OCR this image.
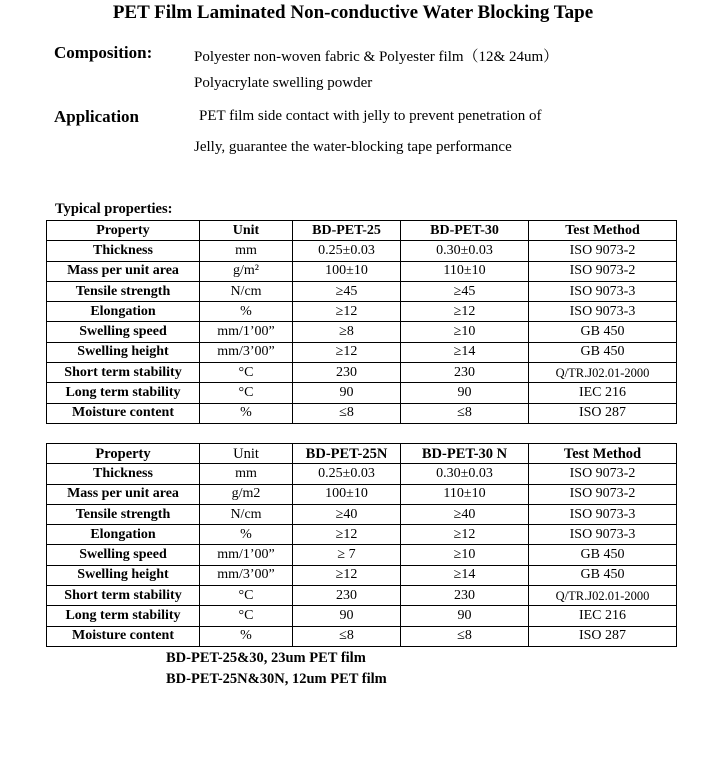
PET Film Laminated Non-conductive Water Blocking Tape
Composition:	Polyester non-woven fabric & Polyester film（12& 24um）
Polyacrylate swelling powder
Application	PET film side contact with jelly to prevent penetration of
Jelly, guarantee the water-blocking tape performance
Typical properties:
Property	Unit	BD-PET-25	BD-PET-30	Test Method
Thickness	mm	0.25±0.03	0.30±0.03	ISO 9073-2
Mass per unit area	g/m²	100±10	110±10	ISO 9073-2
Tensile strength	N/cm	≥45	≥45	ISO 9073-3
Elongation	%	≥12	≥12	ISO 9073-3
Swelling speed	mm/1’00”	≥8	≥10	GB 450
Swelling height	mm/3’00”	≥12	≥14	GB 450
Short term stability	°C	230	230	Q/TR.J02.01-2000
Long term stability	°C	90	90	IEC 216
Moisture content	%	≤8	≤8	ISO 287
Property	Unit	BD-PET-25N	BD-PET-30 N	Test Method
Thickness	mm	0.25±0.03	0.30±0.03	ISO 9073-2
Mass per unit area	g/m2	100±10	110±10	ISO 9073-2
Tensile strength	N/cm	≥40	≥40	ISO 9073-3
Elongation	%	≥12	≥12	ISO 9073-3
Swelling speed	mm/1’00”	≥ 7	≥10	GB 450
Swelling height	mm/3’00”	≥12	≥14	GB 450
Short term stability	°C	230	230	Q/TR.J02.01-2000
Long term stability	°C	90	90	IEC 216
Moisture content	%	≤8	≤8	ISO 287
BD-PET-25&30, 23um PET film
BD-PET-25N&30N, 12um PET film
